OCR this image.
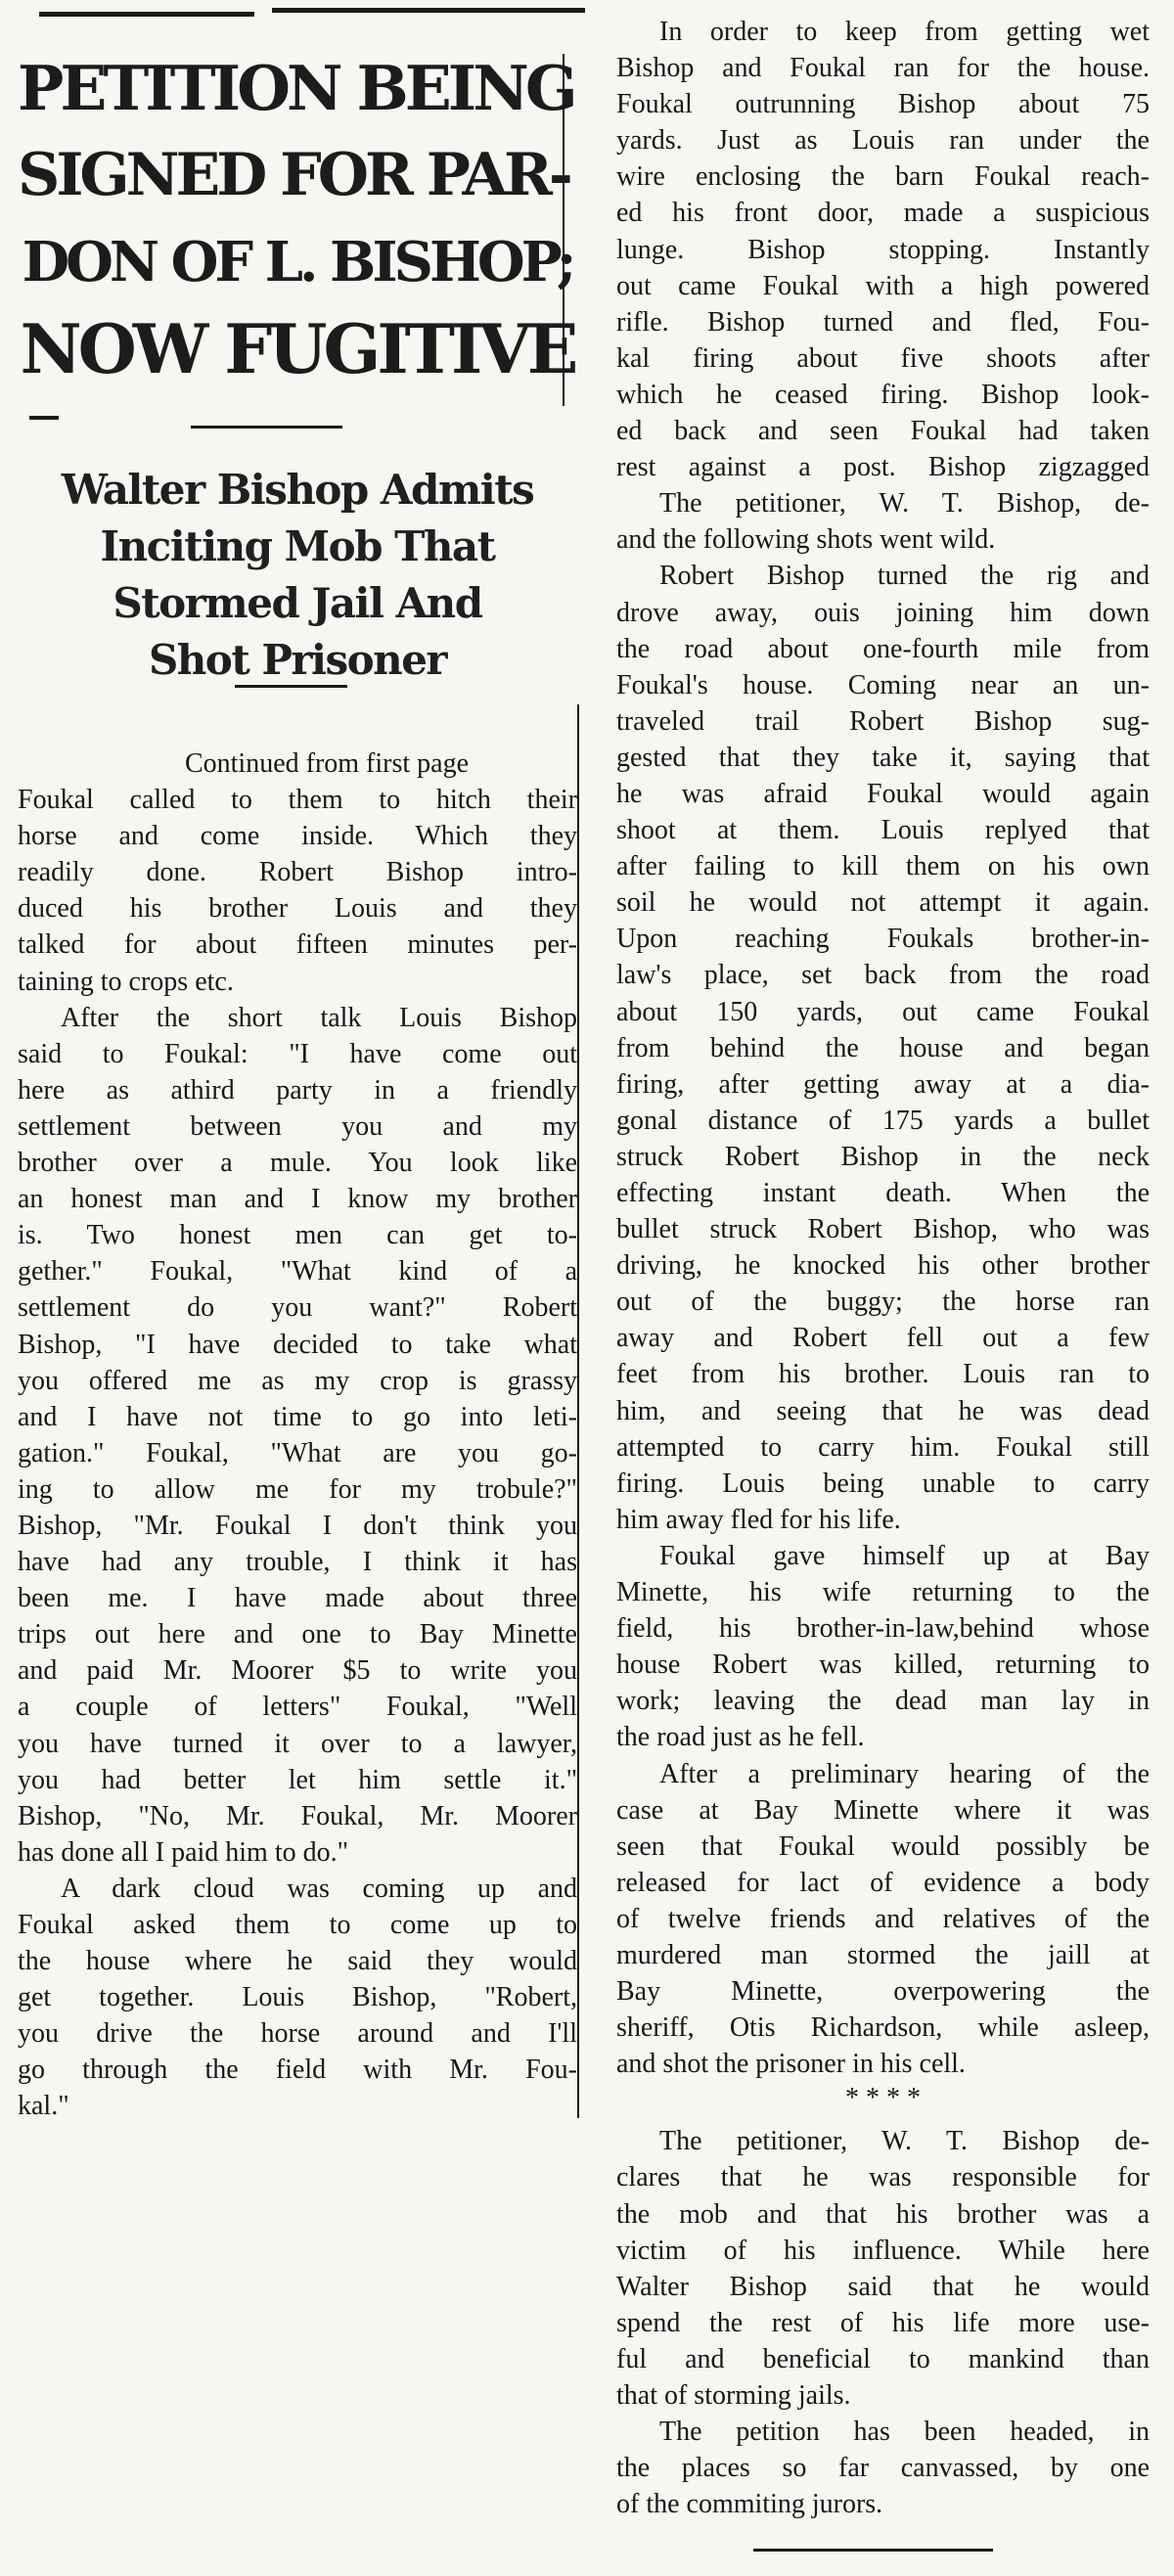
PETITION BEING
SIGNED FOR PAR-
DON OF L. BISHOP;
NOW FUGITIVE
Walter Bishop Admits
Inciting Mob That
Stormed Jail And
Shot Prisoner
Continued from first page
Foukal called to them to hitch their
horse and come inside. Which they
readily done. Robert Bishop intro-
duced his brother Louis and they
talked for about fifteen minutes per-
taining to crops etc.
After the short talk Louis Bishop
said to Foukal: "I have come out
here as athird party in a friendly
settlement between you and my
brother over a mule. You look like
an honest man and I know my brother
is. Two honest men can get to-
gether." Foukal, "What kind of a
settlement do you want?" Robert
Bishop, "I have decided to take what
you offered me as my crop is grassy
and I have not time to go into leti-
gation." Foukal, "What are you go-
ing to allow me for my trobule?"
Bishop, "Mr. Foukal I don't think you
have had any trouble, I think it has
been me. I have made about three
trips out here and one to Bay Minette
and paid Mr. Moorer $5 to write you
a couple of letters" Foukal, "Well
you have turned it over to a lawyer,
you had better let him settle it."
Bishop, "No, Mr. Foukal, Mr. Moorer
has done all I paid him to do."
A dark cloud was coming up and
Foukal asked them to come up to
the house where he said they would
get together. Louis Bishop, "Robert,
you drive the horse around and I'll
go through the field with Mr. Fou-
kal."
In order to keep from getting wet
Bishop and Foukal ran for the house.
Foukal outrunning Bishop about 75
yards. Just as Louis ran under the
wire enclosing the barn Foukal reach-
ed his front door, made a suspicious
lunge. Bishop stopping. Instantly
out came Foukal with a high powered
rifle. Bishop turned and fled, Fou-
kal firing about five shoots after
which he ceased firing. Bishop look-
ed back and seen Foukal had taken
rest against a post. Bishop zigzagged
The petitioner, W. T. Bishop, de-
and the following shots went wild.
Robert Bishop turned the rig and
drove away, ouis joining him down
the road about one-fourth mile from
Foukal's house. Coming near an un-
traveled trail Robert Bishop sug-
gested that they take it, saying that
he was afraid Foukal would again
shoot at them. Louis replyed that
after failing to kill them on his own
soil he would not attempt it again.
Upon reaching Foukals brother-in-
law's place, set back from the road
about 150 yards, out came Foukal
from behind the house and began
firing, after getting away at a dia-
gonal distance of 175 yards a bullet
struck Robert Bishop in the neck
effecting instant death. When the
bullet struck Robert Bishop, who was
driving, he knocked his other brother
out of the buggy; the horse ran
away and Robert fell out a few
feet from his brother. Louis ran to
him, and seeing that he was dead
attempted to carry him. Foukal still
firing. Louis being unable to carry
him away fled for his life.
Foukal gave himself up at Bay
Minette, his wife returning to the
field, his brother-in-law,behind whose
house Robert was killed, returning to
work; leaving the dead man lay in
the road just as he fell.
After a preliminary hearing of the
case at Bay Minette where it was
seen that Foukal would possibly be
released for lact of evidence a body
of twelve friends and relatives of the
murdered man stormed the jaill at
Bay Minette, overpowering the
sheriff, Otis Richardson, while asleep,
and shot the prisoner in his cell.
* * * *
The petitioner, W. T. Bishop de-
clares that he was responsible for
the mob and that his brother was a
victim of his influence. While here
Walter Bishop said that he would
spend the rest of his life more use-
ful and beneficial to mankind than
that of storming jails.
The petition has been headed, in
the places so far canvassed, by one
of the commiting jurors.
